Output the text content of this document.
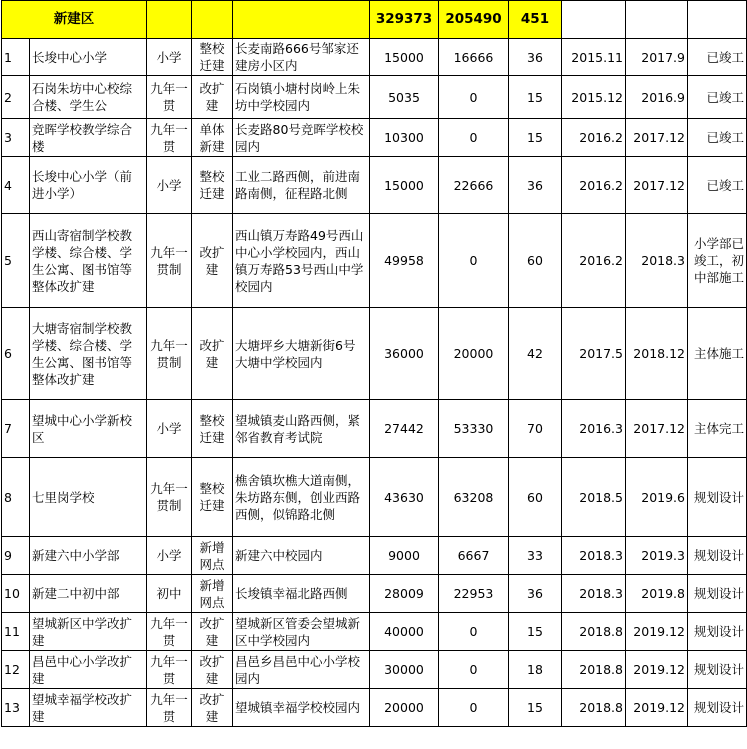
新建区					329373	205490	451			
1	长埈中心小学	小学	整校迁建	长麦南路666号邹家还建房小区内	15000	16666	36	2015.11	2017.9	已竣工
2	石岗朱坊中心校综合楼、学生公	九年一贯	改扩建	石岗镇小塘村岗岭上朱坊中学校园内	5035	0	15	2015.12	2016.9	已竣工
3	竞晖学校教学综合楼	九年一贯	单体新建	长麦路80号竞晖学校校园内	10300	0	15	2016.2	2017.12	已竣工
4	长埈中心小学（前进小学）	小学	整校迁建	工业二路西侧，前进南路南侧，征程路北侧	15000	22666	36	2016.2	2017.12	已竣工
5	西山寄宿制学校教学楼、综合楼、学生公寓、图书馆等整体改扩建	九年一贯制	改扩建	西山镇万寿路49号西山中心小学校园内，西山镇万寿路53号西山中学校园内	49958	0	60	2016.2	2018.3	小学部已竣工，初中部施工
6	大塘寄宿制学校教学楼、综合楼、学生公寓、图书馆等整体改扩建	九年一贯制	改扩建	大塘坪乡大塘新街6号大塘中学校园内	36000	20000	42	2017.5	2018.12	主体施工
7	望城中心小学新校区	小学	整校迁建	望城镇麦山路西侧，紧邻省教育考试院	27442	53330	70	2016.3	2017.12	主体完工
8	七里岗学校	九年一贯制	整校迁建	樵舍镇坎樵大道南侧，朱坊路东侧，创业西路西侧，似锦路北侧	43630	63208	60	2018.5	2019.6	规划设计
9	新建六中小学部	小学	新增网点	新建六中校园内	9000	6667	33	2018.3	2019.3	规划设计
10	新建二中初中部	初中	新增网点	长埈镇幸福北路西侧	28009	22953	36	2018.3	2019.8	规划设计
11	望城新区中学改扩建	九年一贯	改扩建	望城新区管委会望城新区中学校园内	40000	0	15	2018.8	2019.12	规划设计
12	昌邑中心小学改扩建	九年一贯	改扩建	昌邑乡昌邑中心小学校园内	30000	0	18	2018.8	2019.12	规划设计
13	望城幸福学校改扩建	九年一贯	改扩建	望城镇幸福学校校园内	20000	0	15	2018.8	2019.12	规划设计
